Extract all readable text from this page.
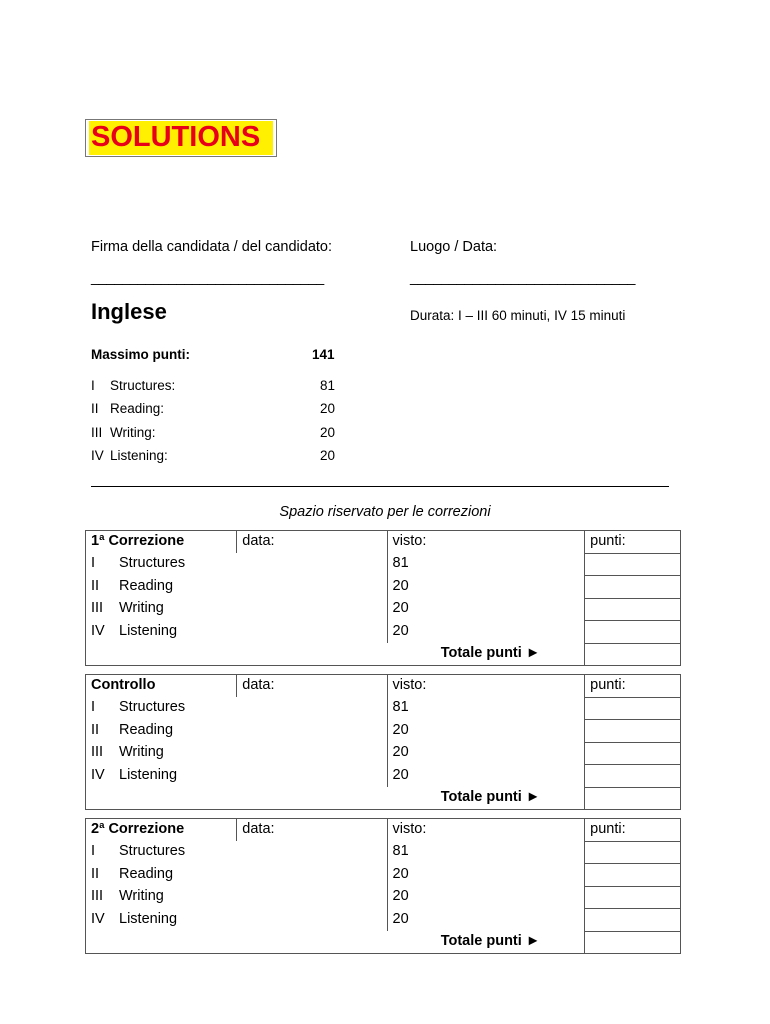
SOLUTIONS
Firma della candidata / del candidato:	Luogo / Data:
______________________________	_____________________________
Inglese	Durata: I – III 60 minuti, IV 15 minuti
Massimo punti:	141
I Structures:	81
II Reading:	20
III Writing:	20
IV Listening:	20
Spazio riservato per le correzioni
1ª Correzione	data:	visto:	punti:
I Structures		81	
II Reading		20	
III Writing		20	
IV Listening		20	
Totale punti ►			
Controllo	data:	visto:	punti:
I Structures		81	
II Reading		20	
III Writing		20	
IV Listening		20	
Totale punti ►			
2ª Correzione	data:	visto:	punti:
I Structures		81	
II Reading		20	
III Writing		20	
IV Listening		20	
Totale punti ►			
